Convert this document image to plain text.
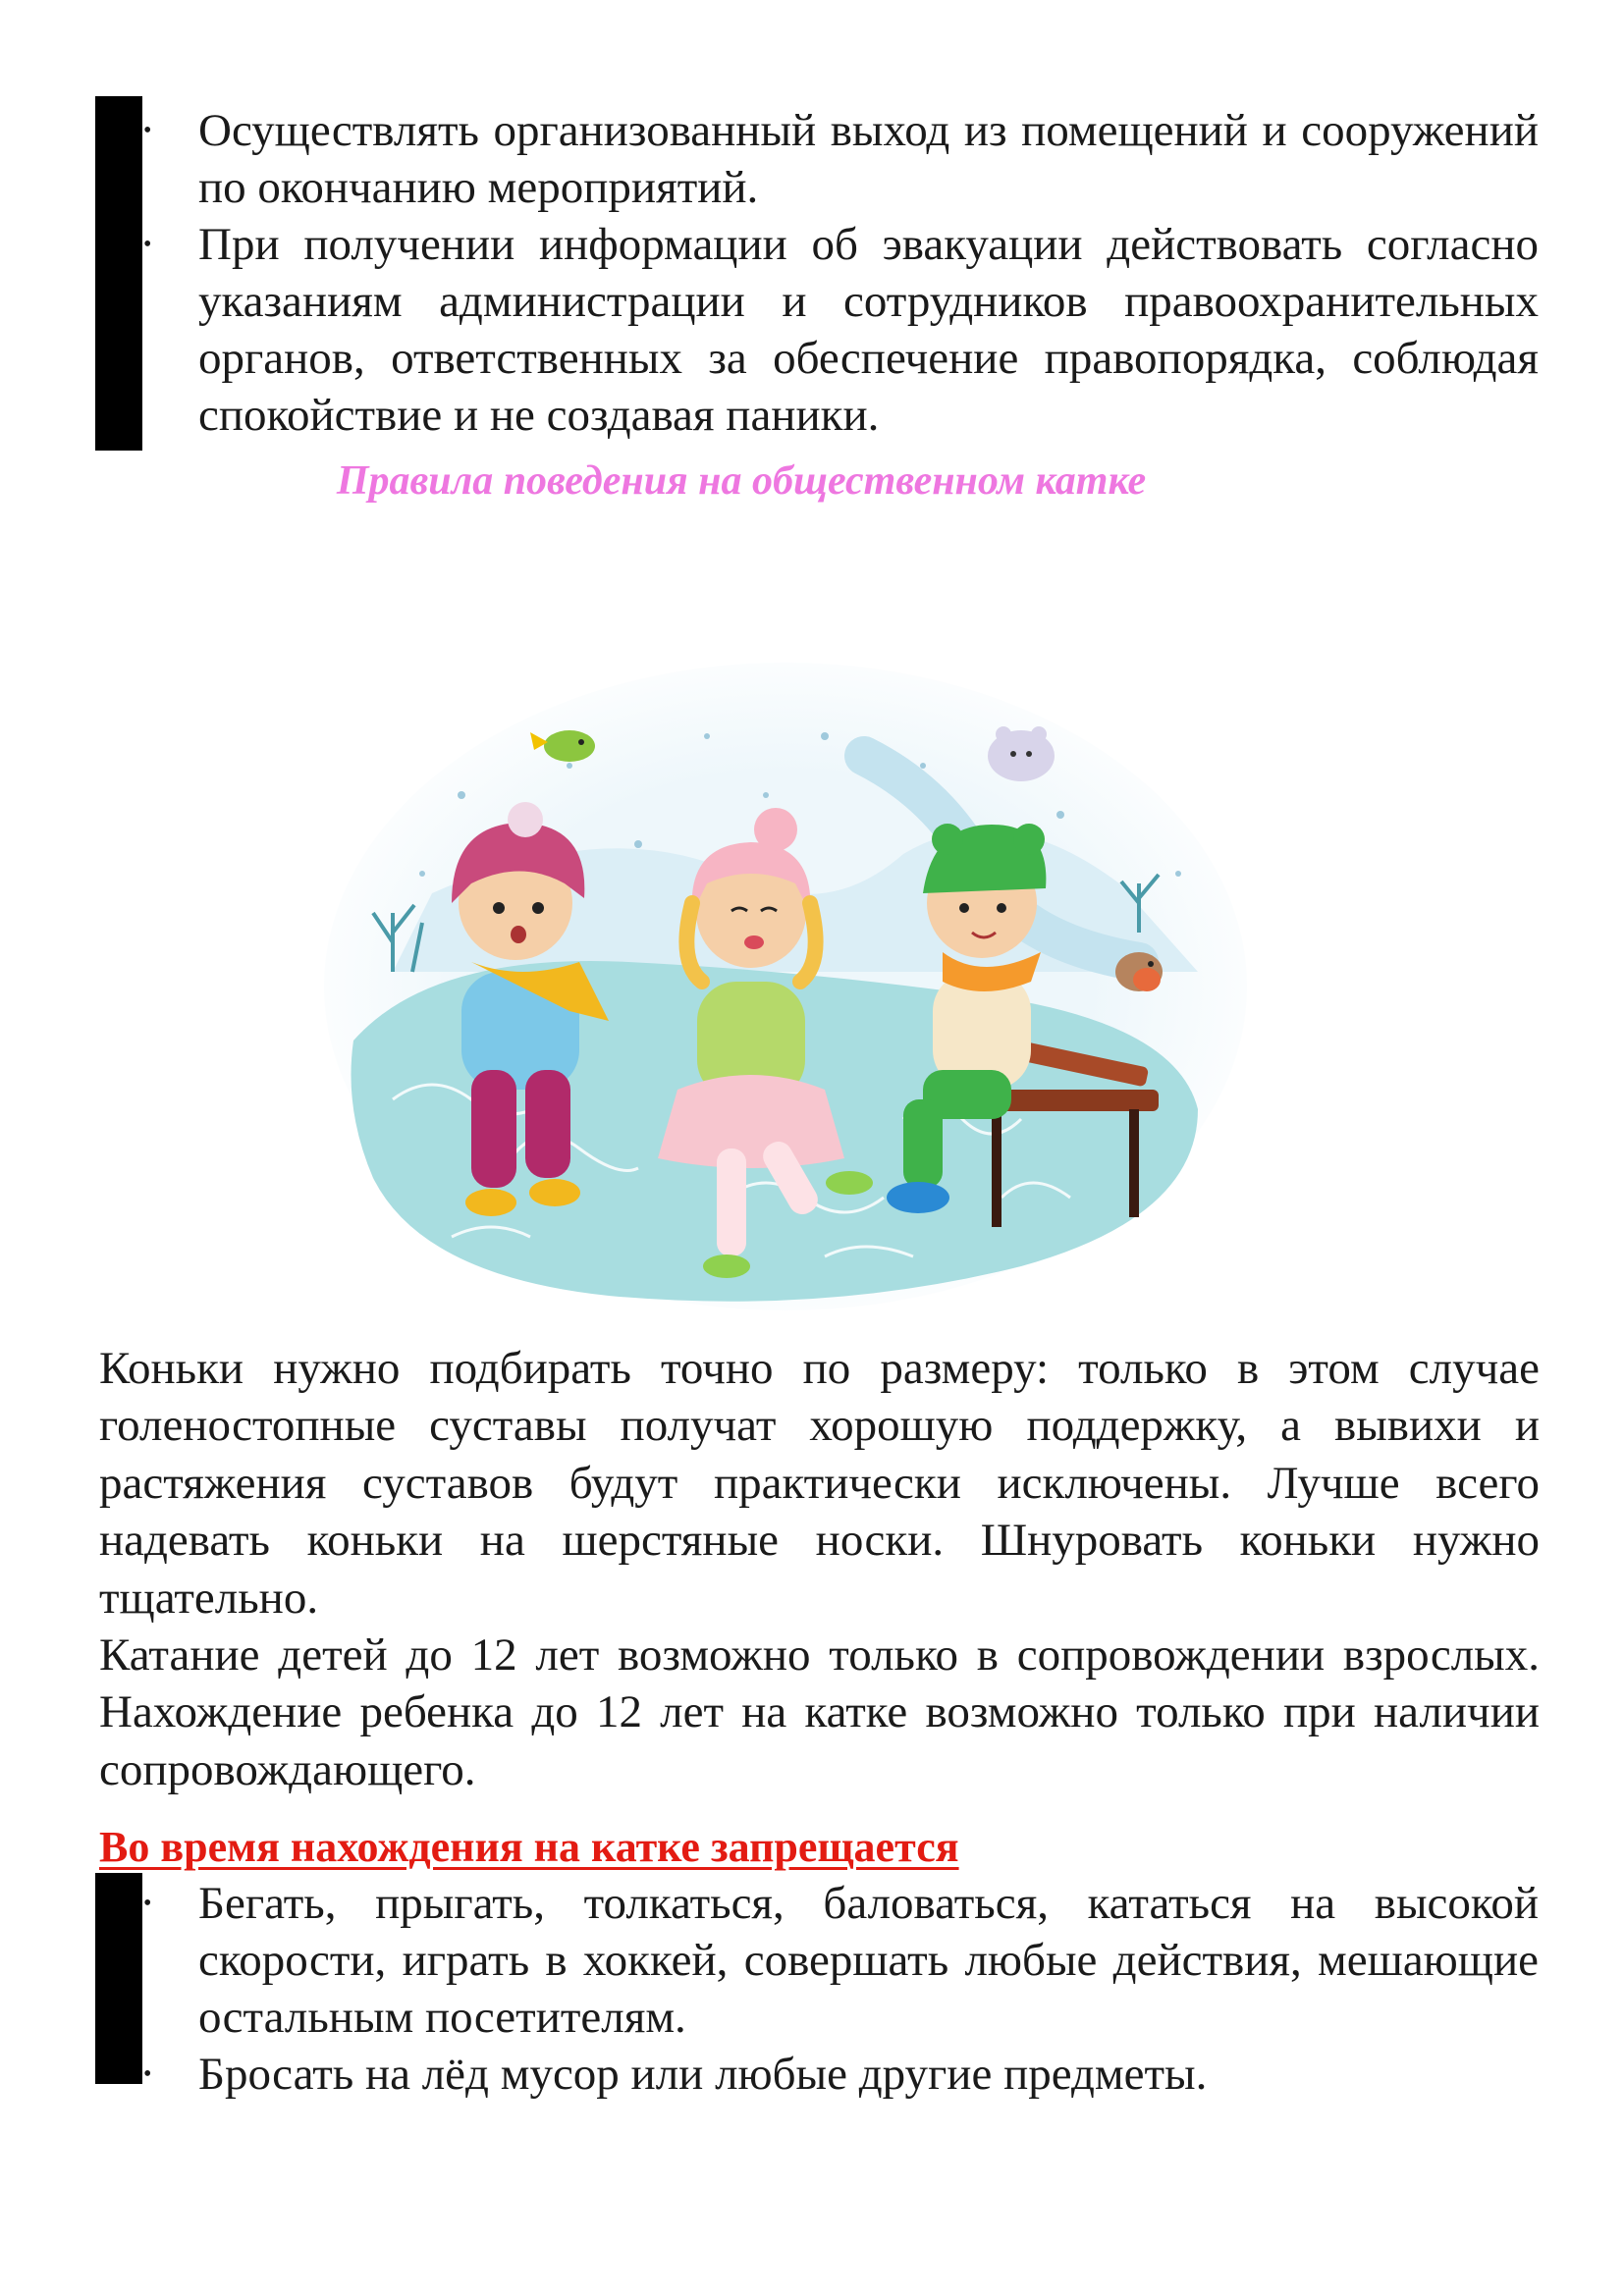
• Осуществлять организованный выход из помещений и сооружений по окончанию мероприятий.
• При получении информации об эвакуации действовать согласно указаниям администрации и сотрудников правоохранительных органов, ответственных за обеспечение правопорядка, соблюдая спокойствие и не создавая паники.
Правила поведения на общественном катке

Коньки нужно подбирать точно по размеру: только в этом случае голеностопные суставы получат хорошую поддержку, а вывихи и растяжения суставов будут практически исключены. Лучше всего надевать коньки на шерстяные носки. Шнуровать коньки нужно тщательно.

Катание детей до 12 лет возможно только в сопровождении взрослых. Нахождение ребенка до 12 лет на катке возможно только при наличии сопровождающего.

Во время нахождения на катке запрещается
• Бегать, прыгать, толкаться, баловаться, кататься на высокой скорости, играть в хоккей, совершать любые действия, мешающие остальным посетителям.
• Бросать на лёд мусор или любые другие предметы.
